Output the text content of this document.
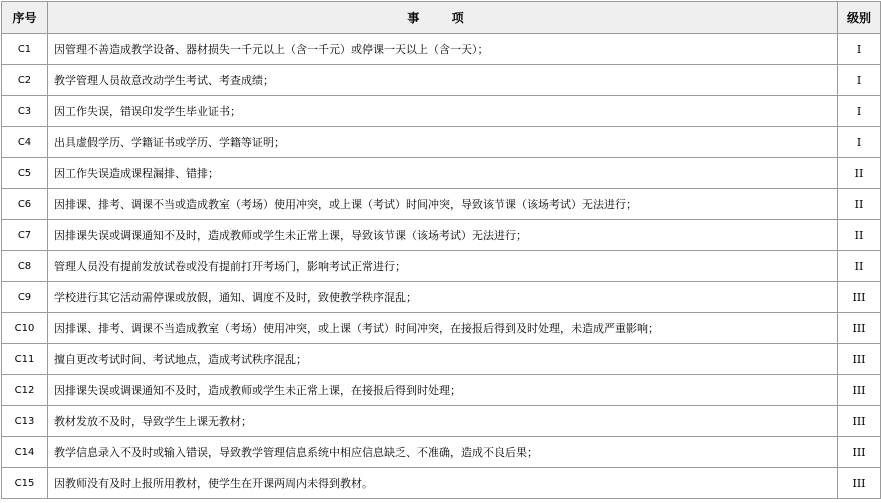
序号	事 项	级别
C1	因管理不善造成教学设备、器材损失一千元以上（含一千元）或停课一天以上（含一天）；	I
C2	教学管理人员故意改动学生考试、考查成绩；	I
C3	因工作失误，错误印发学生毕业证书；	I
C4	出具虚假学历、学籍证书或学历、学籍等证明；	I
C5	因工作失误造成课程漏排、错排；	II
C6	因排课、排考、调课不当或造成教室（考场）使用冲突，或上课（考试）时间冲突，导致该节课（该场考试）无法进行；	II
C7	因排课失误或调课通知不及时，造成教师或学生未正常上课，导致该节课（该场考试）无法进行；	II
C8	管理人员没有提前发放试卷或没有提前打开考场门，影响考试正常进行；	II
C9	学校进行其它活动需停课或放假，通知、调度不及时，致使教学秩序混乱；	III
C10	因排课、排考、调课不当造成教室（考场）使用冲突，或上课（考试）时间冲突，在接报后得到及时处理，未造成严重影响；	III
C11	擅自更改考试时间、考试地点，造成考试秩序混乱；	III
C12	因排课失误或调课通知不及时，造成教师或学生未正常上课，在接报后得到时处理；	III
C13	教材发放不及时，导致学生上课无教材；	III
C14	教学信息录入不及时或输入错误，导致教学管理信息系统中相应信息缺乏、不准确，造成不良后果；	III
C15	因教师没有及时上报所用教材，使学生在开课两周内未得到教材。	III
